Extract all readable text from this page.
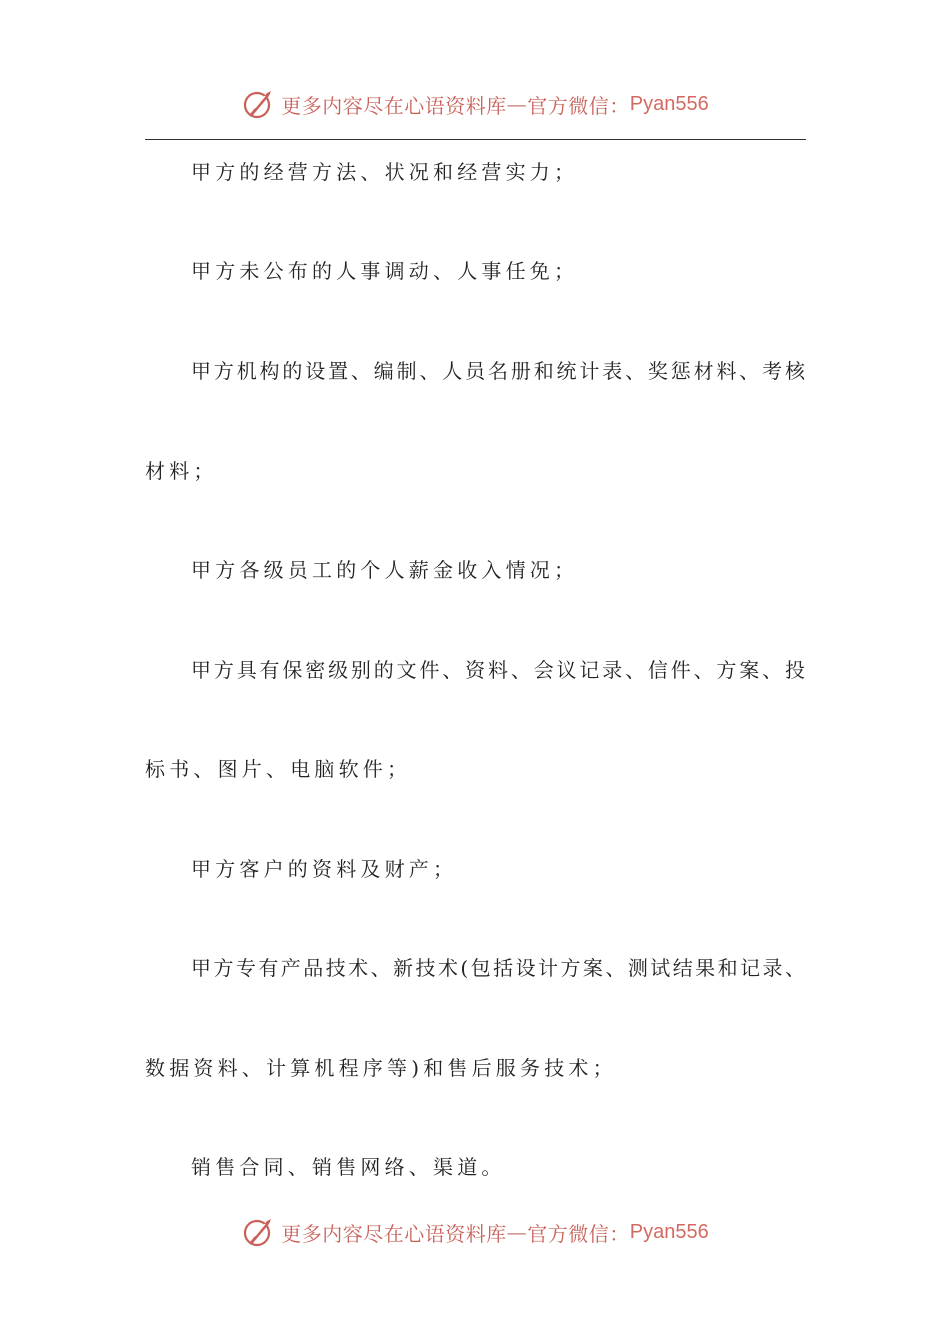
更多内容尽在心语资料库 — 官方微信： Pyan556
甲方的经营方法、状况和经营实力；
甲方未公布的人事调动、人事任免；
甲方机构的设置、编制、人员名册和统计表、奖惩材料、考核
材料；
甲方各级员工的个人薪金收入情况；
甲方具有保密级别的文件、资料、会议记录、信件、方案、投
标书、图片、电脑软件；
甲方客户的资料及财产；
甲方专有产品技术、新技术(包括设计方案、测试结果和记录、
数据资料、计算机程序等)和售后服务技术；
销售合同、销售网络、渠道。
更多内容尽在心语资料库 — 官方微信： Pyan556
